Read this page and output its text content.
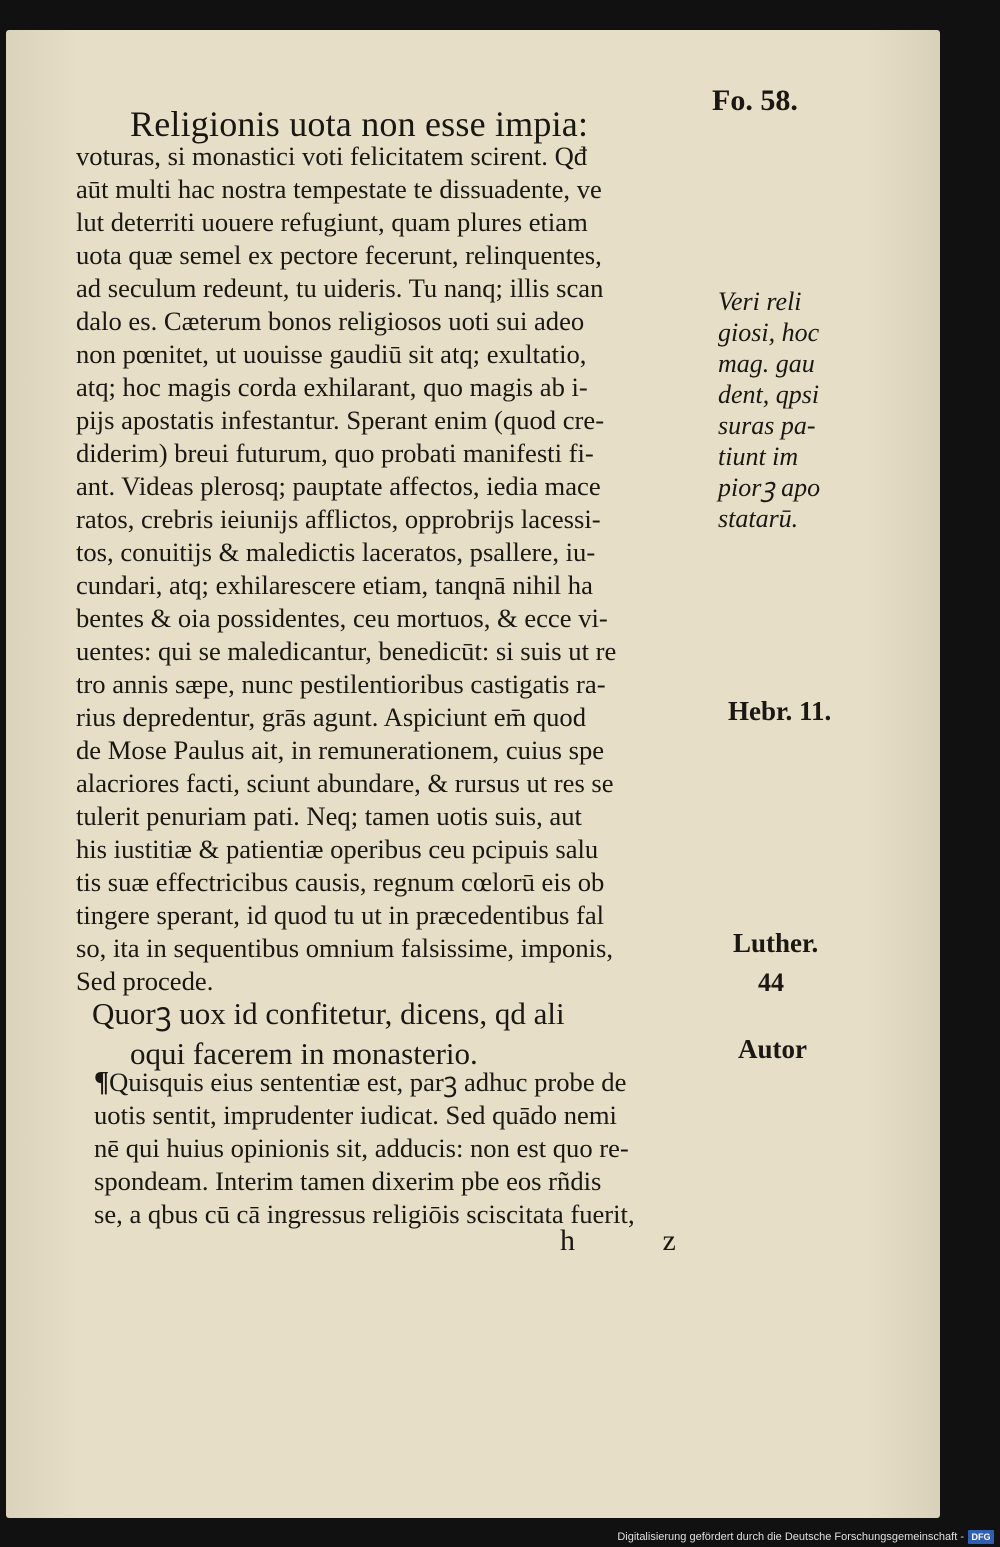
Religionis uota non esse impia:
Fo. 58.

voturas, si monastici voti felicitatem scirent. Qđ

aūt multi hac nostra tempestate te dissuadente, ve

lut deterriti uouere refugiunt, quam plures etiam

uota quæ semel ex pectore fecerunt, relinquentes,

ad seculum redeunt, tu uideris. Tu nanq; illis scan

dalo es. Cæterum bonos religiosos uoti sui adeo

non pœnitet, ut uouisse gaudiū sit atq; exultatio,

atq; hoc magis corda exhilarant, quo magis ab i-

pijs apostatis infestantur. Sperant enim (quod cre-

diderim) breui futurum, quo probati manifesti fi-

ant. Videas plerosq; pauptate affectos, iedia mace

ratos, crebris ieiunijs afflictos, opprobrijs lacessi-

tos, conuitijs & maledictis laceratos, psallere, iu-

cundari, atq; exhilarescere etiam, tanqnā nihil ha

bentes & oia possidentes, ceu mortuos, & ecce vi-

uentes: qui se maledicantur, benedicūt: si suis ut re

tro annis sæpe, nunc pestilentioribus castigatis ra-

rius depredentur, grās agunt. Aspiciunt em̄ quod

de Mose Paulus ait, in remunerationem, cuius spe

alacriores facti, sciunt abundare, & rursus ut res se

tulerit penuriam pati. Neq; tamen uotis suis, aut

his iustitiæ & patientiæ operibus ceu pcipuis salu

tis suæ effectricibus causis, regnum cœlorū eis ob

tingere sperant, id quod tu ut in præcedentibus fal

so, ita in sequentibus omnium falsissime, imponis,

Sed procede.

Quorꝫ uox id confitetur, dicens, qd ali

oqui facerem in monasterio.

¶Quisquis eius sententiæ est, parꝫ adhuc probe de

uotis sentit, imprudenter iudicat. Sed quādo nemi

nē qui huius opinionis sit, adducis: non est quo re-

spondeam. Interim tamen dixerim pbe eos rñdis

se, a qbus cū cā ingressus religiōis sciscitata fuerit,

Veri reli

giosi, hoc

mag. gau

dent, qpsi

suras pa-

tiunt im

piorꝫ apo

statarū.

Hebr. 11.
Luther.
44
Autor
h z
Digitalisierung gefördert durch die Deutsche Forschungsgemeinschaft - DFG
